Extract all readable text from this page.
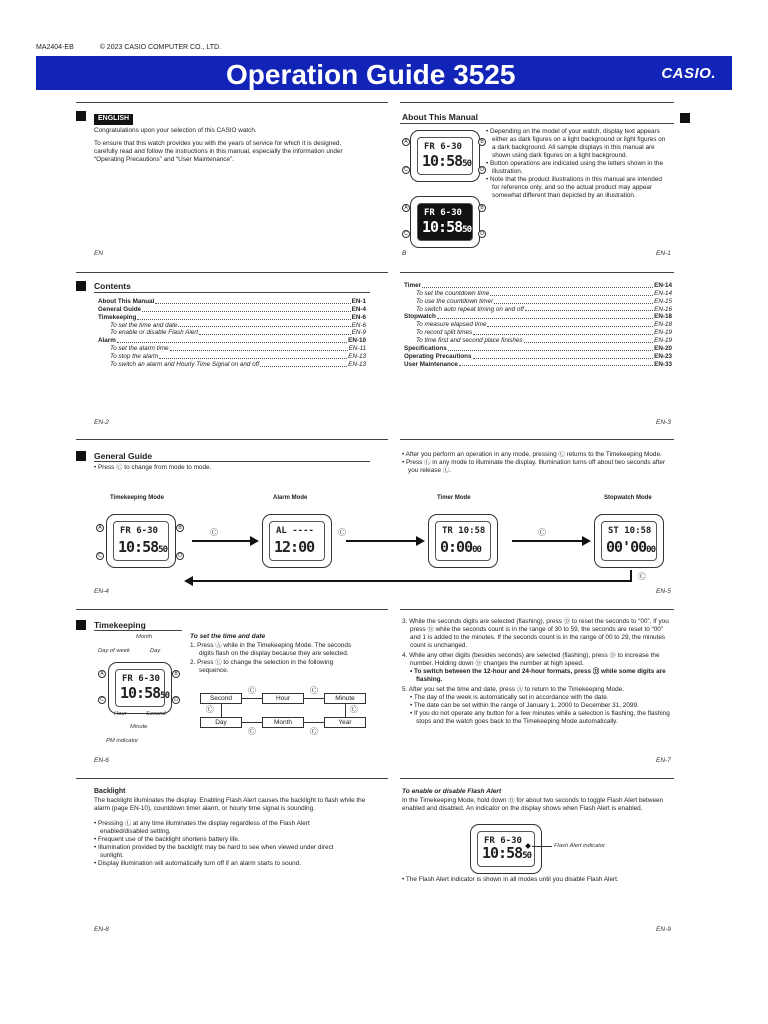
MA2404-EB	© 2023 CASIO COMPUTER CO., LTD.
Operation Guide 3525	CASIO.
ENGLISH

Congratulations upon your selection of this CASIO watch.

To ensure that this watch provides you with the years of service for which it is designed, carefully read and follow the instructions in this manual, especially the information under “Operating Precautions” and “User Maintenance”.

EN
About This Manual
FR 6-30
10:5850
A
C
B
D
FR 6-30
10:5850
A
C
B
D
• Depending on the model of your watch, display text appears either as dark figures on a light background or light figures on a dark background. All sample displays in this manual are shown using dark figures on a light background.
• Button operations are indicated using the letters shown in the illustration.
• Note that the product illustrations in this manual are intended for reference only, and so the actual product may appear somewhat different than depicted by an illustration.
B	EN-1
Contents
About This Manual	EN-1
General Guide	EN-4
Timekeeping	EN-6
To set the time and date	EN-6
To enable or disable Flash Alert	EN-9
Alarm	EN-10
To set the alarm time	EN-11
To stop the alarm	EN-13
To switch an alarm and Hourly Time Signal on and off	EN-13
Timer	EN-14
To set the countdown time	EN-14
To use the countdown timer	EN-15
To switch auto repeat timing on and off	EN-16
Stopwatch	EN-18
To measure elapsed time	EN-18
To record split times	EN-19
To time first and second place finishes	EN-19
Specifications	EN-20
Operating Precautions	EN-23
User Maintenance	EN-33
EN-2	EN-3
General Guide
• Press Ⓒ to change from mode to mode.
• After you perform an operation in any mode, pressing Ⓒ returns to the Timekeeping Mode.
• Press Ⓛ in any mode to illuminate the display. Illumination turns off about two seconds after you release Ⓛ.
Timekeeping Mode	Alarm Mode	Timer Mode	Stopwatch Mode
FR 6-30
10:5850
A
C
B
D
AL ----
12:00
TR 10:58
0:0000
ST 10:58
00'0000
Ⓒ	Ⓒ	Ⓒ
Ⓒ
EN-4	EN-5
Timekeeping
Month
Day of week	Day
FR 6-30
10:5850
A
C
B
D
Hour	Second
Minute
PM indicator
To set the time and date
1. Press Ⓐ while in the Timekeeping Mode. The seconds digits flash on the display because they are selected.
2. Press Ⓒ to change the selection in the following sequence.
Second	Hour	Minute
Day	Month	Year
Ⓒ	Ⓒ
Ⓒ	Ⓒ
Ⓒ	Ⓒ

3. While the seconds digits are selected (flashing), press Ⓓ to reset the seconds to “00”. If you press Ⓓ while the seconds count is in the range of 30 to 59, the seconds are reset to “00” and 1 is added to the minutes. If the seconds count is in the range of 00 to 29, the minutes count is unchanged.

4. While any other digits (besides seconds) are selected (flashing), press Ⓓ to increase the number. Holding down Ⓓ changes the number at high speed.

• To switch between the 12-hour and 24-hour formats, press Ⓓ while some digits are flashing.

5. After you set the time and date, press Ⓐ to return to the Timekeeping Mode.

• The day of the week is automatically set in accordance with the date.
• The date can be set within the range of January 1, 2000 to December 31, 2099.
• If you do not operate any button for a few minutes while a selection is flashing, the flashing stops and the watch goes back to the Timekeeping Mode automatically.
EN-6	EN-7
Backlight

The backlight illuminates the display. Enabling Flash Alert causes the backlight to flash while the alarm (page EN-10), countdown timer alarm, or hourly time signal is sounding.

• Pressing Ⓛ at any time illuminates the display regardless of the Flash Alert enabled/disabled setting.
• Frequent use of the backlight shortens battery life.
• Illumination provided by the backlight may be hard to see when viewed under direct sunlight.
• Display illumination will automatically turn off if an alarm starts to sound.
To enable or disable Flash Alert

In the Timekeeping Mode, hold down Ⓑ for about two seconds to toggle Flash Alert between enabled and disabled. An indicator on the display shows when Flash Alert is enabled.

FR 6-30
10:5850
Flash Alert indicator
• The Flash Alert indicator is shown in all modes until you disable Flash Alert.
EN-8	EN-9
